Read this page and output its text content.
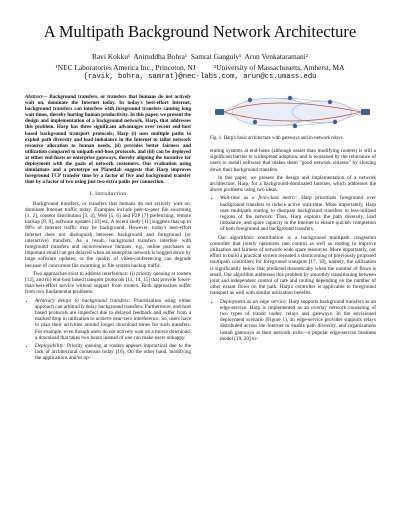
A Multipath Background Network Architecture
Ravi Kokku¹  Aniruddha Bohra¹  Samrat Ganguly¹  Arun Venkataramani²
¹NEC Laboratories America Inc., Princeton, NJ          ²University of Massachusetts, Amherst, MA
{ravik, bohra, samrat}@nec-labs.com, arun@cs.umass.edu
Abstract— Background transfers, or transfers that humans do not actively wait on, dominate the Internet today. In today's best-effort Internet, background transfers can interfere with foreground transfers causing long wait times, thereby hurting human productivity. In this paper, we present the design and implementation of a background network, Harp, that addresses this problem. Harp has three significant advantages over recent end-host based background transport protocols; Harp (i) uses multiple paths to exploit path diversity and load imbalance in the Internet to tailor network resource allocation to human needs, (ii) provides better fairness and utilization compared to unipath end-host protocols, and (iii) can be deployed at either end-hosts or enterprise gateways, thereby aligning the incentive for deployment with the goals of network customers. Our evaluation using simulations and a prototype on Planetlab suggests that Harp improves foreground TCP transfer time by a factor of five and background transfer time by a factor of two using just two extra paths per connection.
I. Introduction

Background transfers, or transfers that humans do not actively wait on, dominate Internet traffic today. Examples include peer-to-peer file swarming [1, 2], content distribution [3, 4], Web [5, 6] and P2P [7] prefetching, remote backup [8, 9], software updates [10] etc. A recent study [11] suggests that up to 90% of Internet traffic may be background. However, today's best-effort Internet does not distinguish between background and foreground (or interactive) transfers. As a result, background transfers interfere with foreground transfers and inconvenience humans, e.g., online purchases or important email can get delayed when an enterprise network is bogged down by large software updates; or the quality of video-conferencing can degrade because of concurrent file swarming or file system backup traffic.

Two approaches exist to address interference: (i) priority queuing at routers [12], and (ii) end-host based transport protocols [13, 14, 15] that provide lower-than-best-effort service without support from routers. Both approaches suffer from two fundamental problems.

• Arbitrary delays to background transfers: Prioritization using either approach can arbitrarily delay background transfers. Furthermore, end-host based protocols are imperfect due to delayed feedback and suffer from a marked drop in utilization to achieve near-zero interference. So, users have to plan their activities around longer download times for such transfers. For example, even though users do not actively wait on a movie download, a download that takes two hours instead of one can make users unhappy.
• Deployability: Priority queuing at routers appears impractical due to the lack of architectural consensus today [16]. On the other hand, modifying the applications and/or op-
Fig. 1. Harp's basic architecture with gateways and in-network relays.

erating systems at end-hosts (although easier than modifying routers) is still a significant barrier to widespread adoption, and is worsened by the reluctance of users to install software that makes them "good network citizens" by slowing down their background transfers.

In this paper, we present the design and implementation of a network architecture, Harp, for a background-dominated Internet, which addresses the above problems using two ideas.

• Wait-time as a first-class metric: Harp prioritizes foreground over background transfers to reduce active wait-time. More importantly, Harp uses multipath routing to dissipate background transfers to less-utilized regions of the network. Thus, Harp exploits the path diversity, load imbalance, and spare capacity in the Internet to ensure quicker completion of both foreground and background transfers.

Our algorithmic contribution is a background multipath congestion controller that jointly optimizes rate control as well as routing to improve utilization and fairness of network-wide spare resources. More importantly, our effort to build a practical system revealed a shortcoming of previously proposed multipath controllers for foreground transport [17, 18], namely, the utilization is significantly below that predicted theoretically when the number of flows is small. Our algorithm addresses this problem by smoothly transitioning between joint and independent control of rate and routing depending on the number of other extant flows on the path. Harp's controller is applicable to foreground transport as well with similar utilization benefits.

• Deployment as an edge service: Harp supports background transfers as an edge-service. Harp is implemented as an overlay network consisting of two types of transit nodes: relays and gateways. In the envisioned deployment scenario (Figure 1), an edge-service provider supports relays distributed across the Internet to enable path diversity, and organizations install gateways at their network exits—a popular edge-service business model [19, 20] to-
